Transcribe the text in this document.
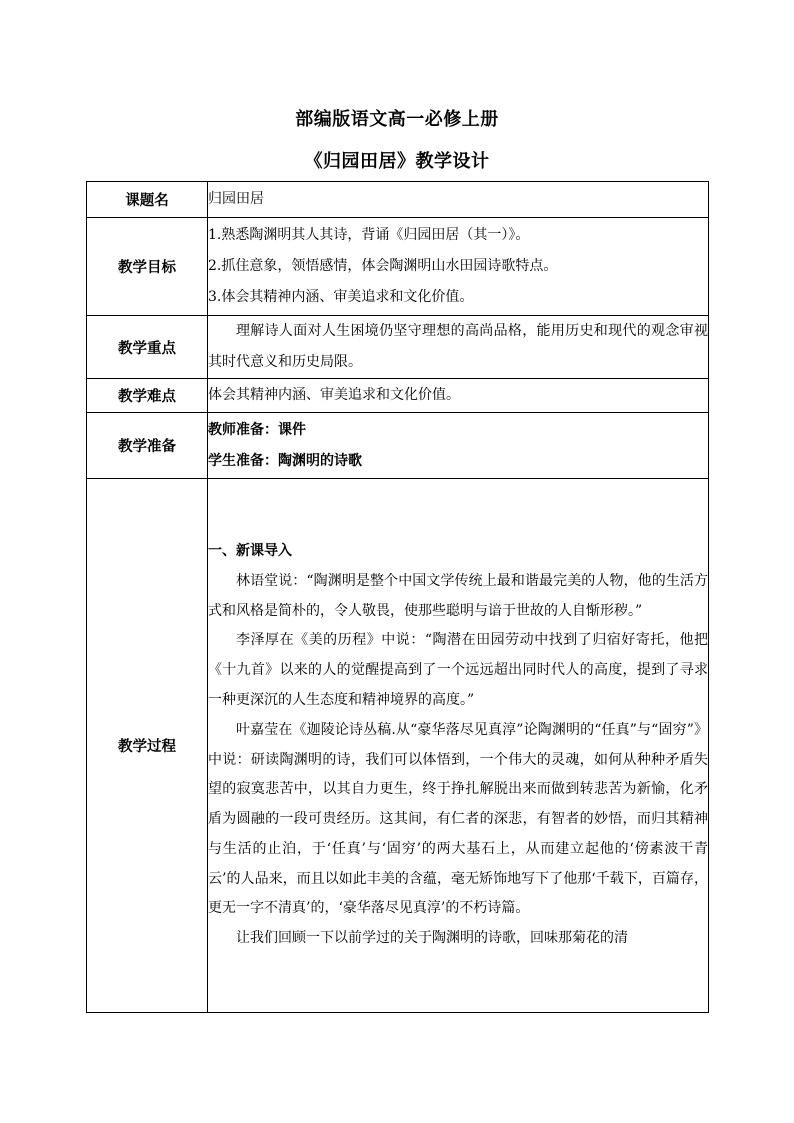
部编版语文高一必修上册
《归园田居》教学设计
课题名	归园田居
教学目标	1.熟悉陶渊明其人其诗，背诵《归园田居（其一）》。

2.抓住意象，领悟感情，体会陶渊明山水田园诗歌特点。

3.体会其精神内涵、审美追求和文化价值。

教学重点	理解诗人面对人生困境仍坚守理想的高尚品格，能用历史和现代的观念审视其时代意义和历史局限。

教学难点	体会其精神内涵、审美追求和文化价值。
教学准备	教师准备：课件

学生准备：陶渊明的诗歌

教学过程	一、新课导入

林语堂说：“陶渊明是整个中国文学传统上最和谐最完美的人物，他的生活方式和风格是简朴的，令人敬畏，使那些聪明与谙于世故的人自惭形秽。”

李泽厚在《美的历程》中说：“陶潜在田园劳动中找到了归宿好寄托，他把《十九首》以来的人的觉醒提高到了一个远远超出同时代人的高度，提到了寻求一种更深沉的人生态度和精神境界的高度。”

叶嘉莹在《迦陵论诗丛稿.从“豪华落尽见真淳”论陶渊明的“任真”与“固穷”》中说：研读陶渊明的诗，我们可以体悟到，一个伟大的灵魂，如何从种种矛盾失望的寂寞悲苦中，以其自力更生，终于挣扎解脱出来而做到转悲苦为新愉，化矛盾为圆融的一段可贵经历。这其间，有仁者的深悲，有智者的妙悟，而归其精神与生活的止泊，于‘任真’与‘固穷’的两大基石上，从而建立起他的‘傍素波干青云’的人品来，而且以如此丰美的含蕴，毫无矫饰地写下了他那‘千载下，百篇存，更无一字不清真’的，‘豪华落尽见真淳’的不朽诗篇。

让我们回顾一下以前学过的关于陶渊明的诗歌，回味那菊花的清
